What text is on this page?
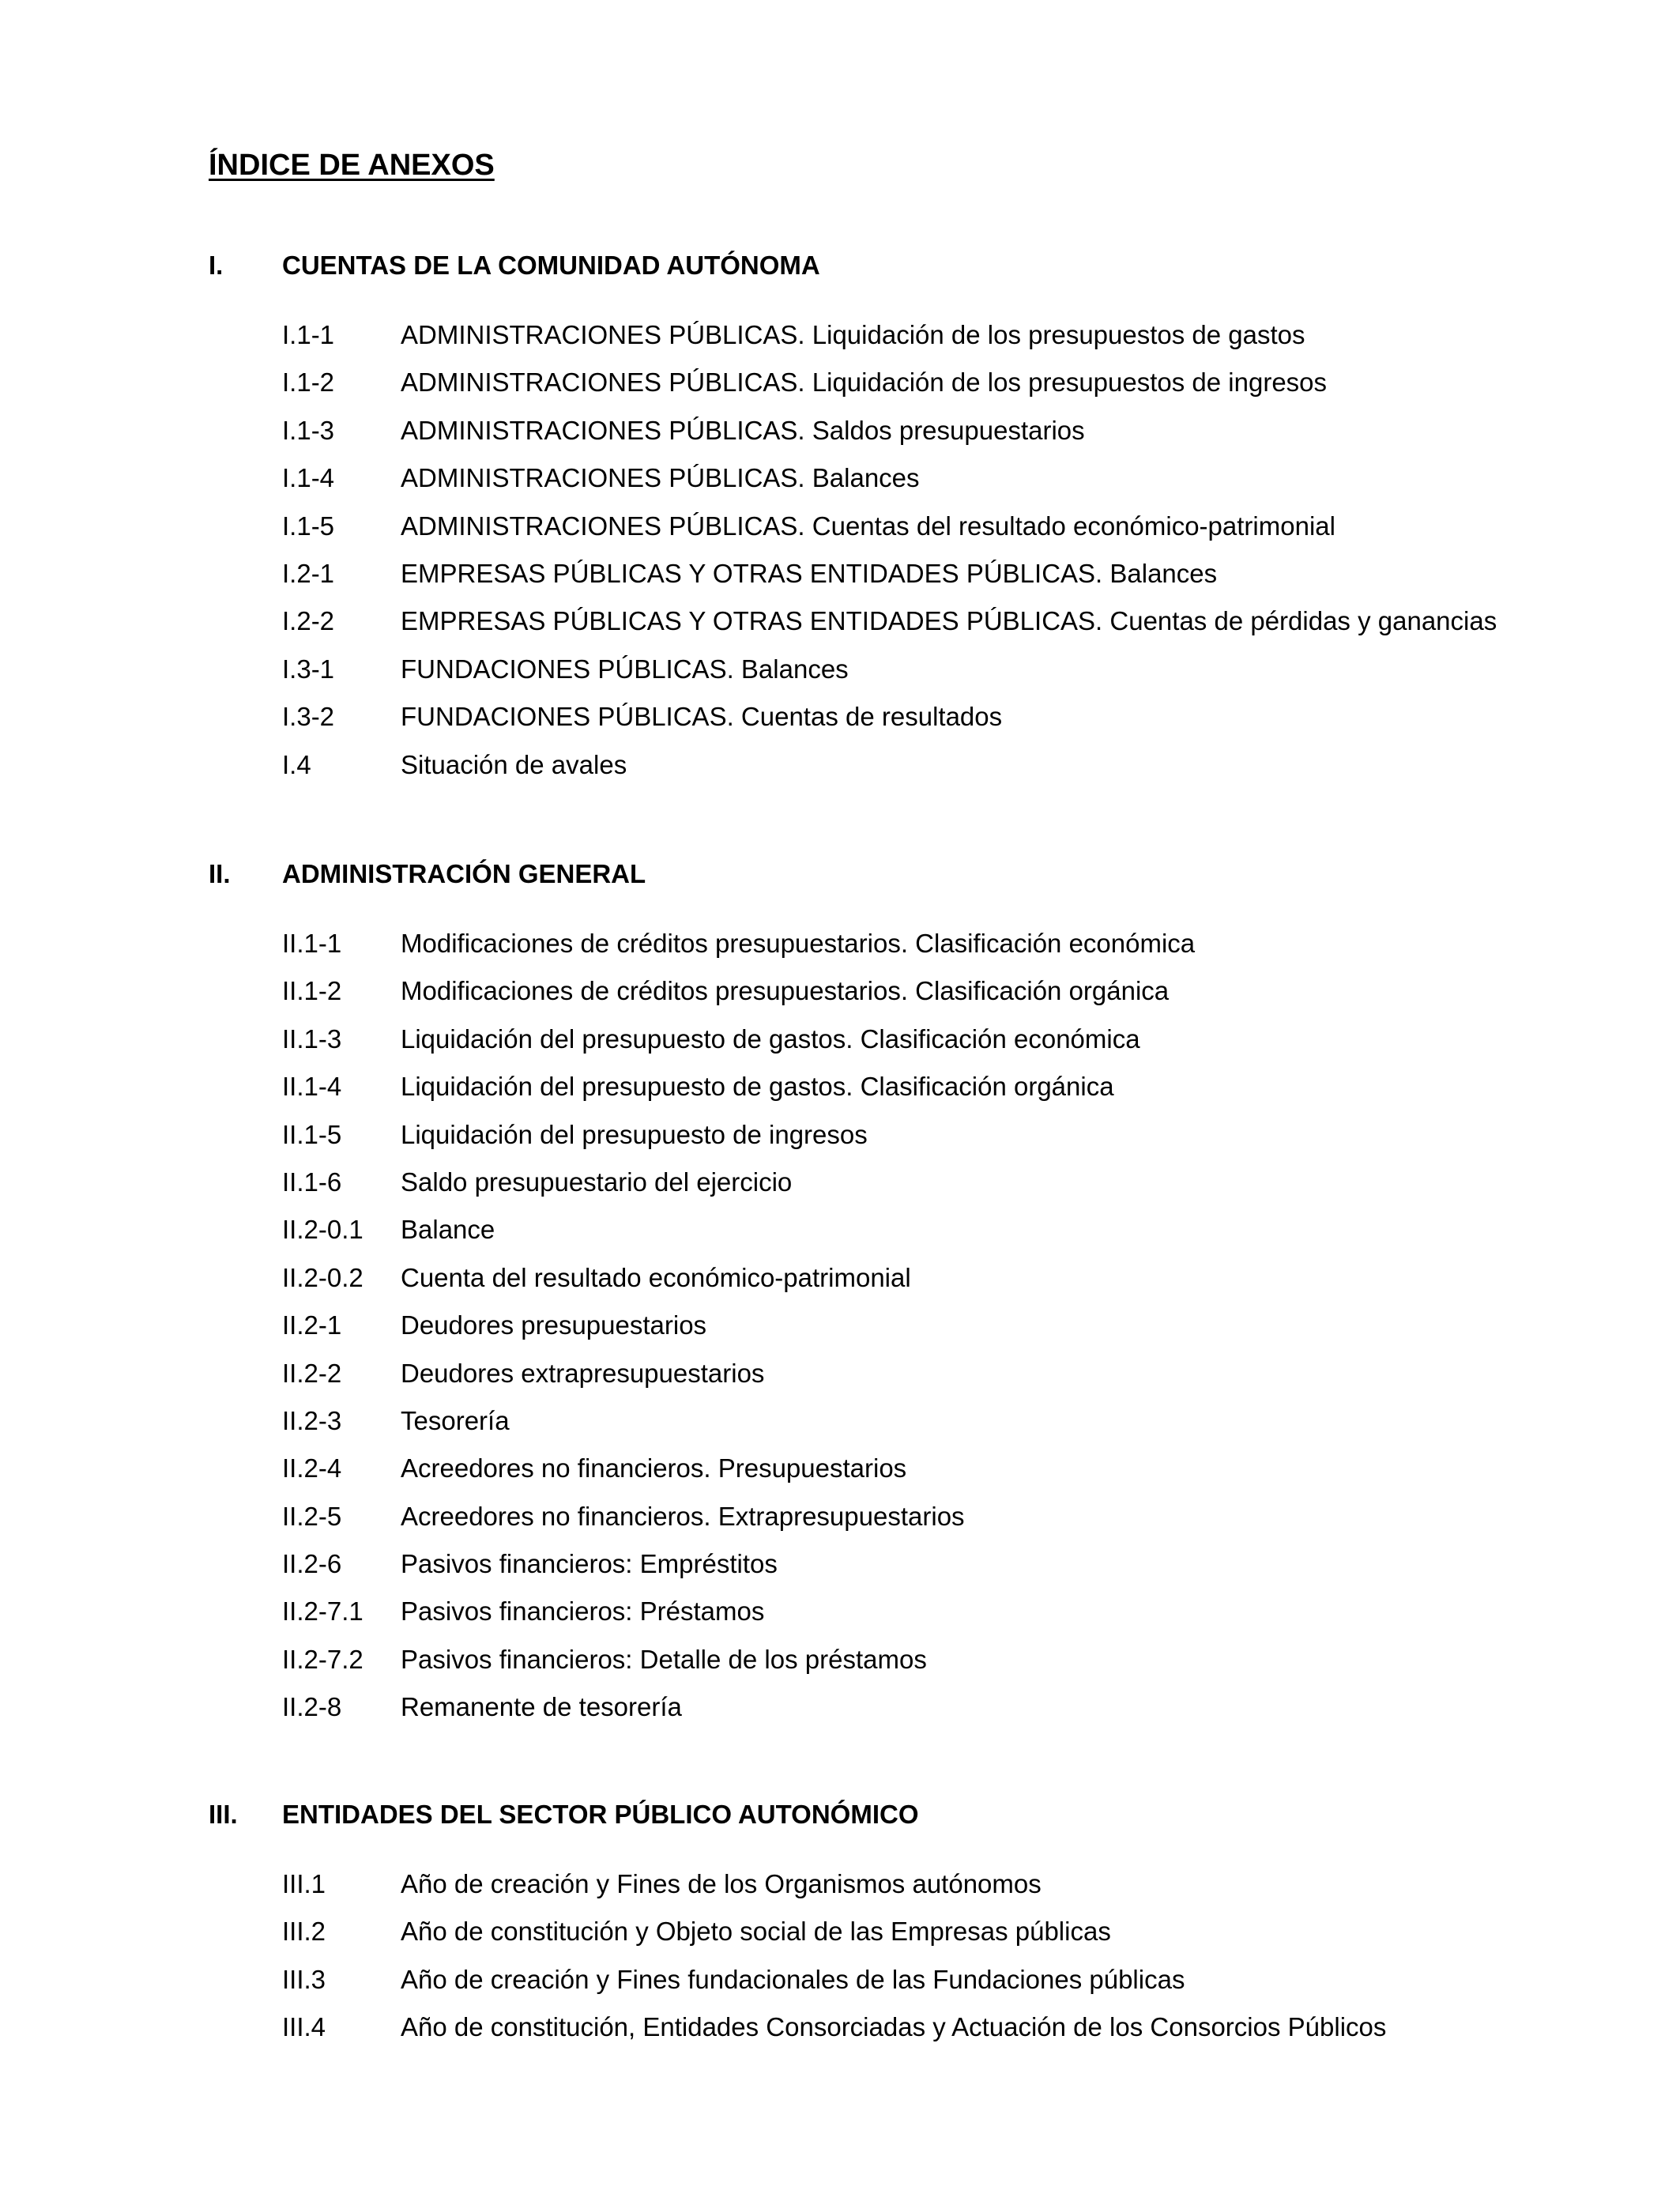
ÍNDICE DE ANEXOS
I. CUENTAS DE LA COMUNIDAD AUTÓNOMA
I.1-1	ADMINISTRACIONES PÚBLICAS. Liquidación de los presupuestos de gastos
I.1-2	ADMINISTRACIONES PÚBLICAS. Liquidación de los presupuestos de ingresos
I.1-3	ADMINISTRACIONES PÚBLICAS. Saldos presupuestarios
I.1-4	ADMINISTRACIONES PÚBLICAS. Balances
I.1-5	ADMINISTRACIONES PÚBLICAS. Cuentas del resultado económico-patrimonial
I.2-1	EMPRESAS PÚBLICAS Y OTRAS ENTIDADES PÚBLICAS. Balances
I.2-2	EMPRESAS PÚBLICAS Y OTRAS ENTIDADES PÚBLICAS. Cuentas de pérdidas y ganancias
I.3-1	FUNDACIONES PÚBLICAS. Balances
I.3-2	FUNDACIONES PÚBLICAS. Cuentas de resultados
I.4	Situación de avales
II. ADMINISTRACIÓN GENERAL
II.1-1 Modificaciones de créditos presupuestarios. Clasificación económica
II.1-2 Modificaciones de créditos presupuestarios. Clasificación orgánica
II.1-3 Liquidación del presupuesto de gastos. Clasificación económica
II.1-4 Liquidación del presupuesto de gastos. Clasificación orgánica
II.1-5 Liquidación del presupuesto de ingresos
II.1-6 Saldo presupuestario del ejercicio
II.2-0.1 Balance
II.2-0.2 Cuenta del resultado económico-patrimonial
II.2-1 Deudores presupuestarios
II.2-2 Deudores extrapresupuestarios
II.2-3 Tesorería
II.2-4 Acreedores no financieros. Presupuestarios
II.2-5 Acreedores no financieros. Extrapresupuestarios
II.2-6 Pasivos financieros: Empréstitos
II.2-7.1 Pasivos financieros: Préstamos
II.2-7.2 Pasivos financieros: Detalle de los préstamos
II.2-8 Remanente de tesorería
III. ENTIDADES DEL SECTOR PÚBLICO AUTONÓMICO
III.1	Año de creación y Fines de los Organismos autónomos
III.2	Año de constitución y Objeto social de las Empresas públicas
III.3	Año de creación y Fines fundacionales de las Fundaciones públicas
III.4	Año de constitución, Entidades Consorciadas y Actuación de los Consorcios Públicos
